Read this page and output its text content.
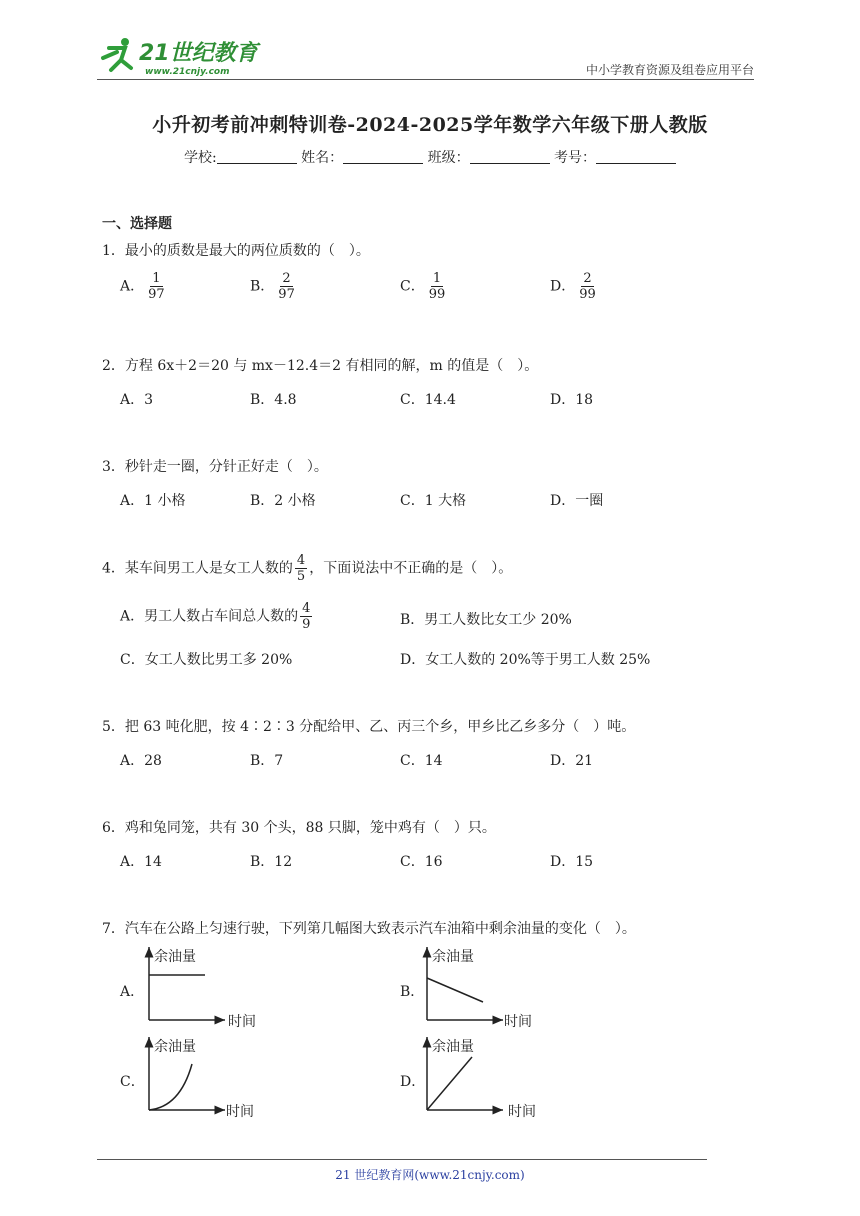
21世纪教育
www.21cnjy.com	中小学教育资源及组卷应用平台
小升初考前冲刺特训卷-2024-2025学年数学六年级下册人教版
学校:	姓名：	班级：	考号：
一、选择题
1．最小的质数是最大的两位质数的（　）。
A． $\frac{1}{97}$	B． $\frac{2}{97}$	C． $\frac{1}{99}$	D． $\frac{2}{99}$
2．方程 6x＋2＝20 与 mx－12.4＝2 有相同的解，m 的值是（　）。
A．3	B．4.8	C．14.4	D．18
3．秒针走一圈，分针正好走（　）。
A．1 小格	B．2 小格	C．1 大格	D．一圈
4．某车间男工人是女工人数的 $\frac{4}{5}$ ，下面说法中不正确的是（　）。
A．男工人数占车间总人数的 $\frac{4}{9}$	B．男工人数比女工少 20%
C．女工人数比男工多 20%	D．女工人数的 20%等于男工人数 25%
5．把 63 吨化肥，按 4∶2∶3 分配给甲、乙、丙三个乡，甲乡比乙乡多分（　）吨。
A．28	B．7	C．14	D．21
6．鸡和兔同笼，共有 30 个头，88 只脚，笼中鸡有（　）只。
A．14	B．12	C．16	D．15
7．汽车在公路上匀速行驶，下列第几幅图大致表示汽车油箱中剩余油量的变化（　）。
A．
余油量
时间
B．
余油量
时间
C．
余油量
时间
D．
余油量
时间
21 世纪教育网(www.21cnjy.com)
